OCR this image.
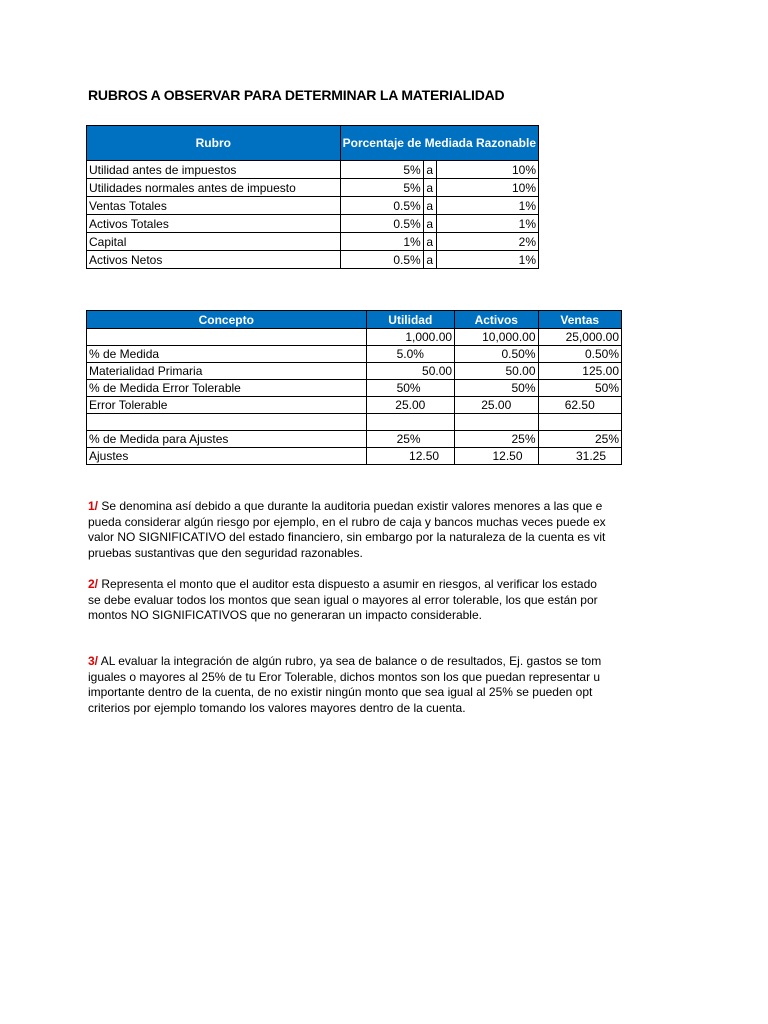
RUBROS A OBSERVAR PARA DETERMINAR LA MATERIALIDAD
Rubro	Porcentaje de Mediada Razonable		
Utilidad antes de impuestos	5%	a	10%
Utilidades normales antes de impuesto	5%	a	10%
Ventas Totales	0.5%	a	1%
Activos Totales	0.5%	a	1%
Capital	1%	a	2%
Activos Netos	0.5%	a	1%
Concepto	Utilidad	Activos	Ventas
	1,000.00	10,000.00	25,000.00
% de Medida	5.0%	0.50%	0.50%
Materialidad Primaria	50.00	50.00	125.00
% de Medida Error Tolerable	50%	50%	50%
Error Tolerable	25.00	25.00	62.50

% de Medida para Ajustes	25%	25%	25%
Ajustes	12.50	12.50	31.25
1/ Se denomina así debido a que durante la auditoria puedan existir valores menores a las que e
pueda considerar algún riesgo por ejemplo, en el rubro de caja y bancos muchas veces puede ex
valor NO SIGNIFICATIVO del estado financiero, sin embargo por la naturaleza de la cuenta es vit
pruebas sustantivas que den seguridad razonables.
2/ Representa el monto que el auditor esta dispuesto a asumir en riesgos, al verificar los estado
se debe evaluar todos los montos que sean igual o mayores al error tolerable, los que están por
montos NO SIGNIFICATIVOS que no generaran un impacto considerable.
3/ AL evaluar la integración de algún rubro, ya sea de balance o de resultados, Ej. gastos se tom
iguales o mayores al 25% de tu Eror Tolerable, dichos montos son los que puedan representar u
importante dentro de la cuenta, de no existir ningún monto que sea igual al 25% se pueden opt
criterios por ejemplo tomando los valores mayores dentro de la cuenta.
